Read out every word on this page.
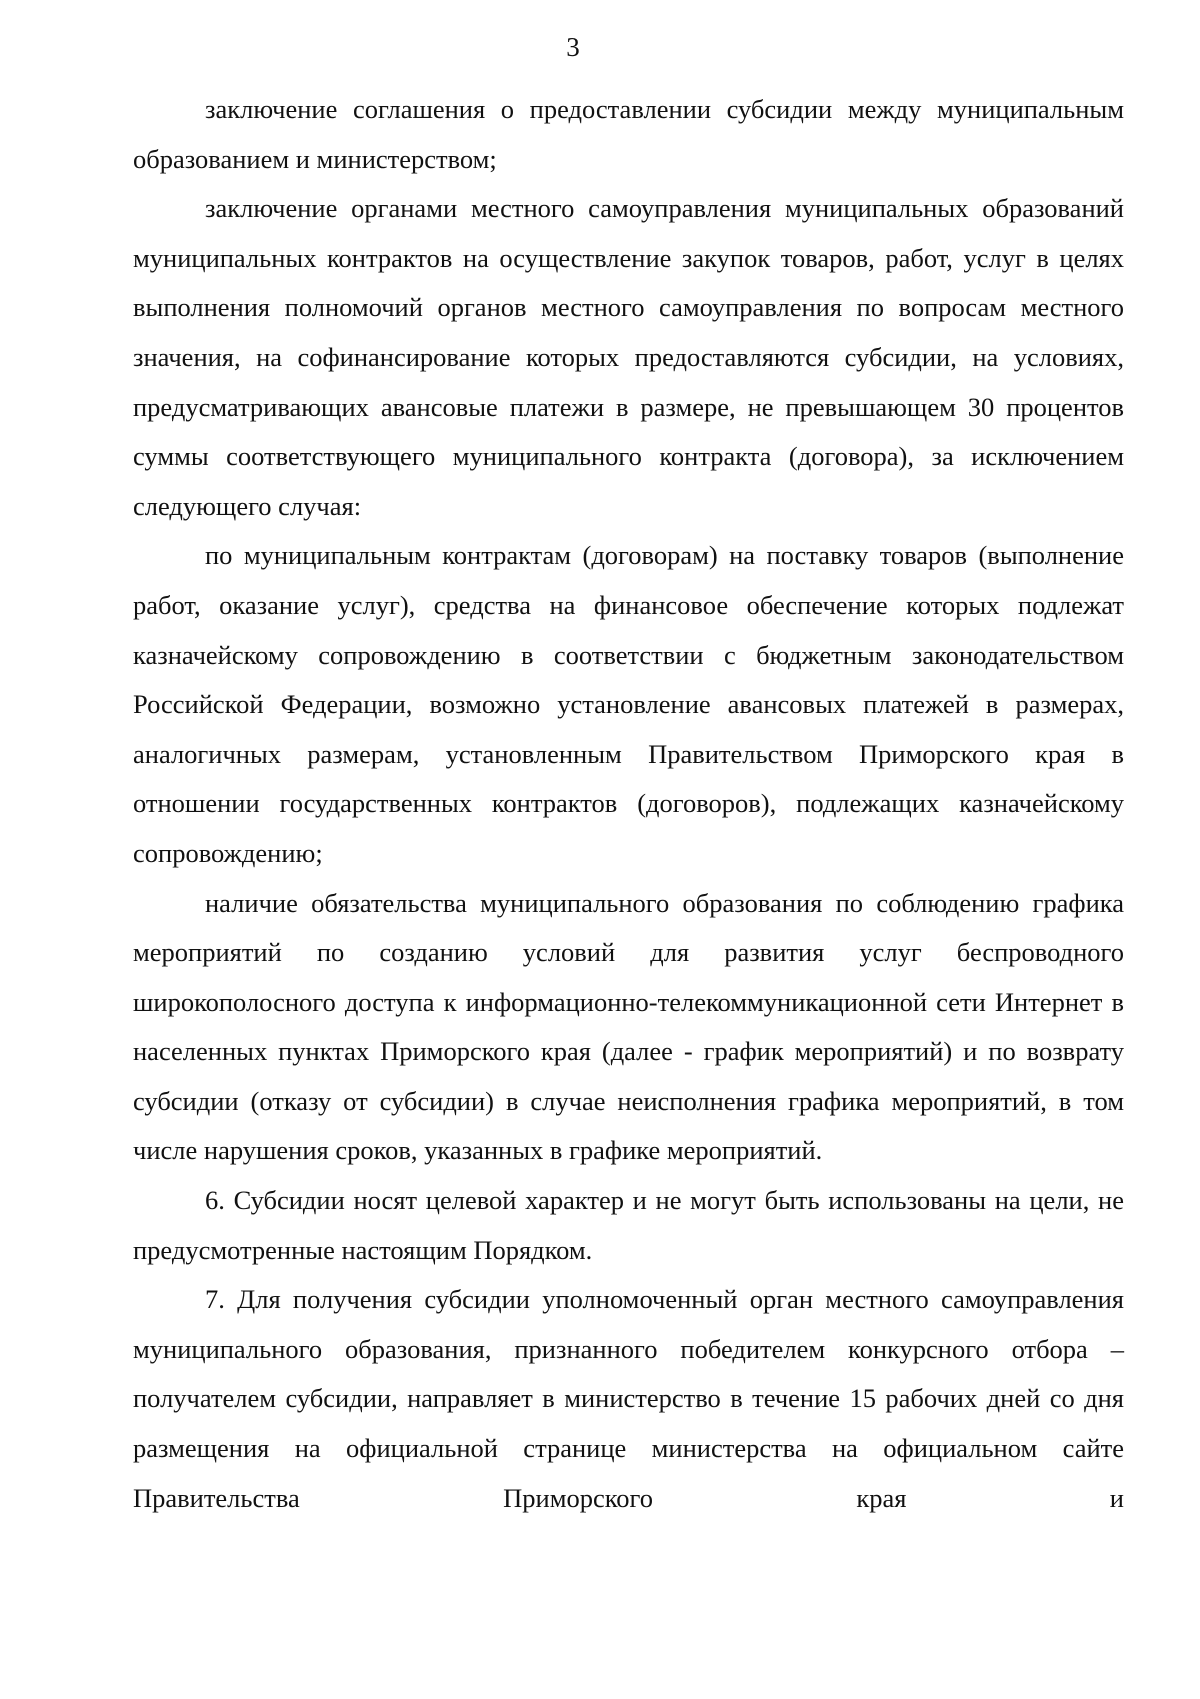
3

заключение соглашения о предоставлении субсидии между муниципальным образованием и министерством;

заключение органами местного самоуправления муниципальных образований муниципальных контрактов на осуществление закупок товаров, работ, услуг в целях выполнения полномочий органов местного самоуправления по вопросам местного значения, на софинансирование которых предоставляются субсидии, на условиях, предусматривающих авансовые платежи в размере, не превышающем 30 процентов суммы соответствующего муниципального контракта (договора), за исключением следующего случая:

по муниципальным контрактам (договорам) на поставку товаров (выполнение работ, оказание услуг), средства на финансовое обеспечение которых подлежат казначейскому сопровождению в соответствии с бюджетным законодательством Российской Федерации, возможно установление авансовых платежей в размерах, аналогичных размерам, установленным Правительством Приморского края в отношении государственных контрактов (договоров), подлежащих казначейскому сопровождению;

наличие обязательства муниципального образования по соблюдению графика мероприятий по созданию условий для развития услуг беспроводного широкополосного доступа к информационно-телекоммуникационной сети Интернет в населенных пунктах Приморского края (далее - график мероприятий) и по возврату субсидии (отказу от субсидии) в случае неисполнения графика мероприятий, в том числе нарушения сроков, указанных в графике мероприятий.

6. Субсидии носят целевой характер и не могут быть использованы на цели, не предусмотренные настоящим Порядком.

7. Для получения субсидии уполномоченный орган местного самоуправления муниципального образования, признанного победителем конкурсного отбора – получателем субсидии, направляет в министерство в течение 15 рабочих дней со дня размещения на официальной странице министерства на официальном сайте Правительства Приморского края и
